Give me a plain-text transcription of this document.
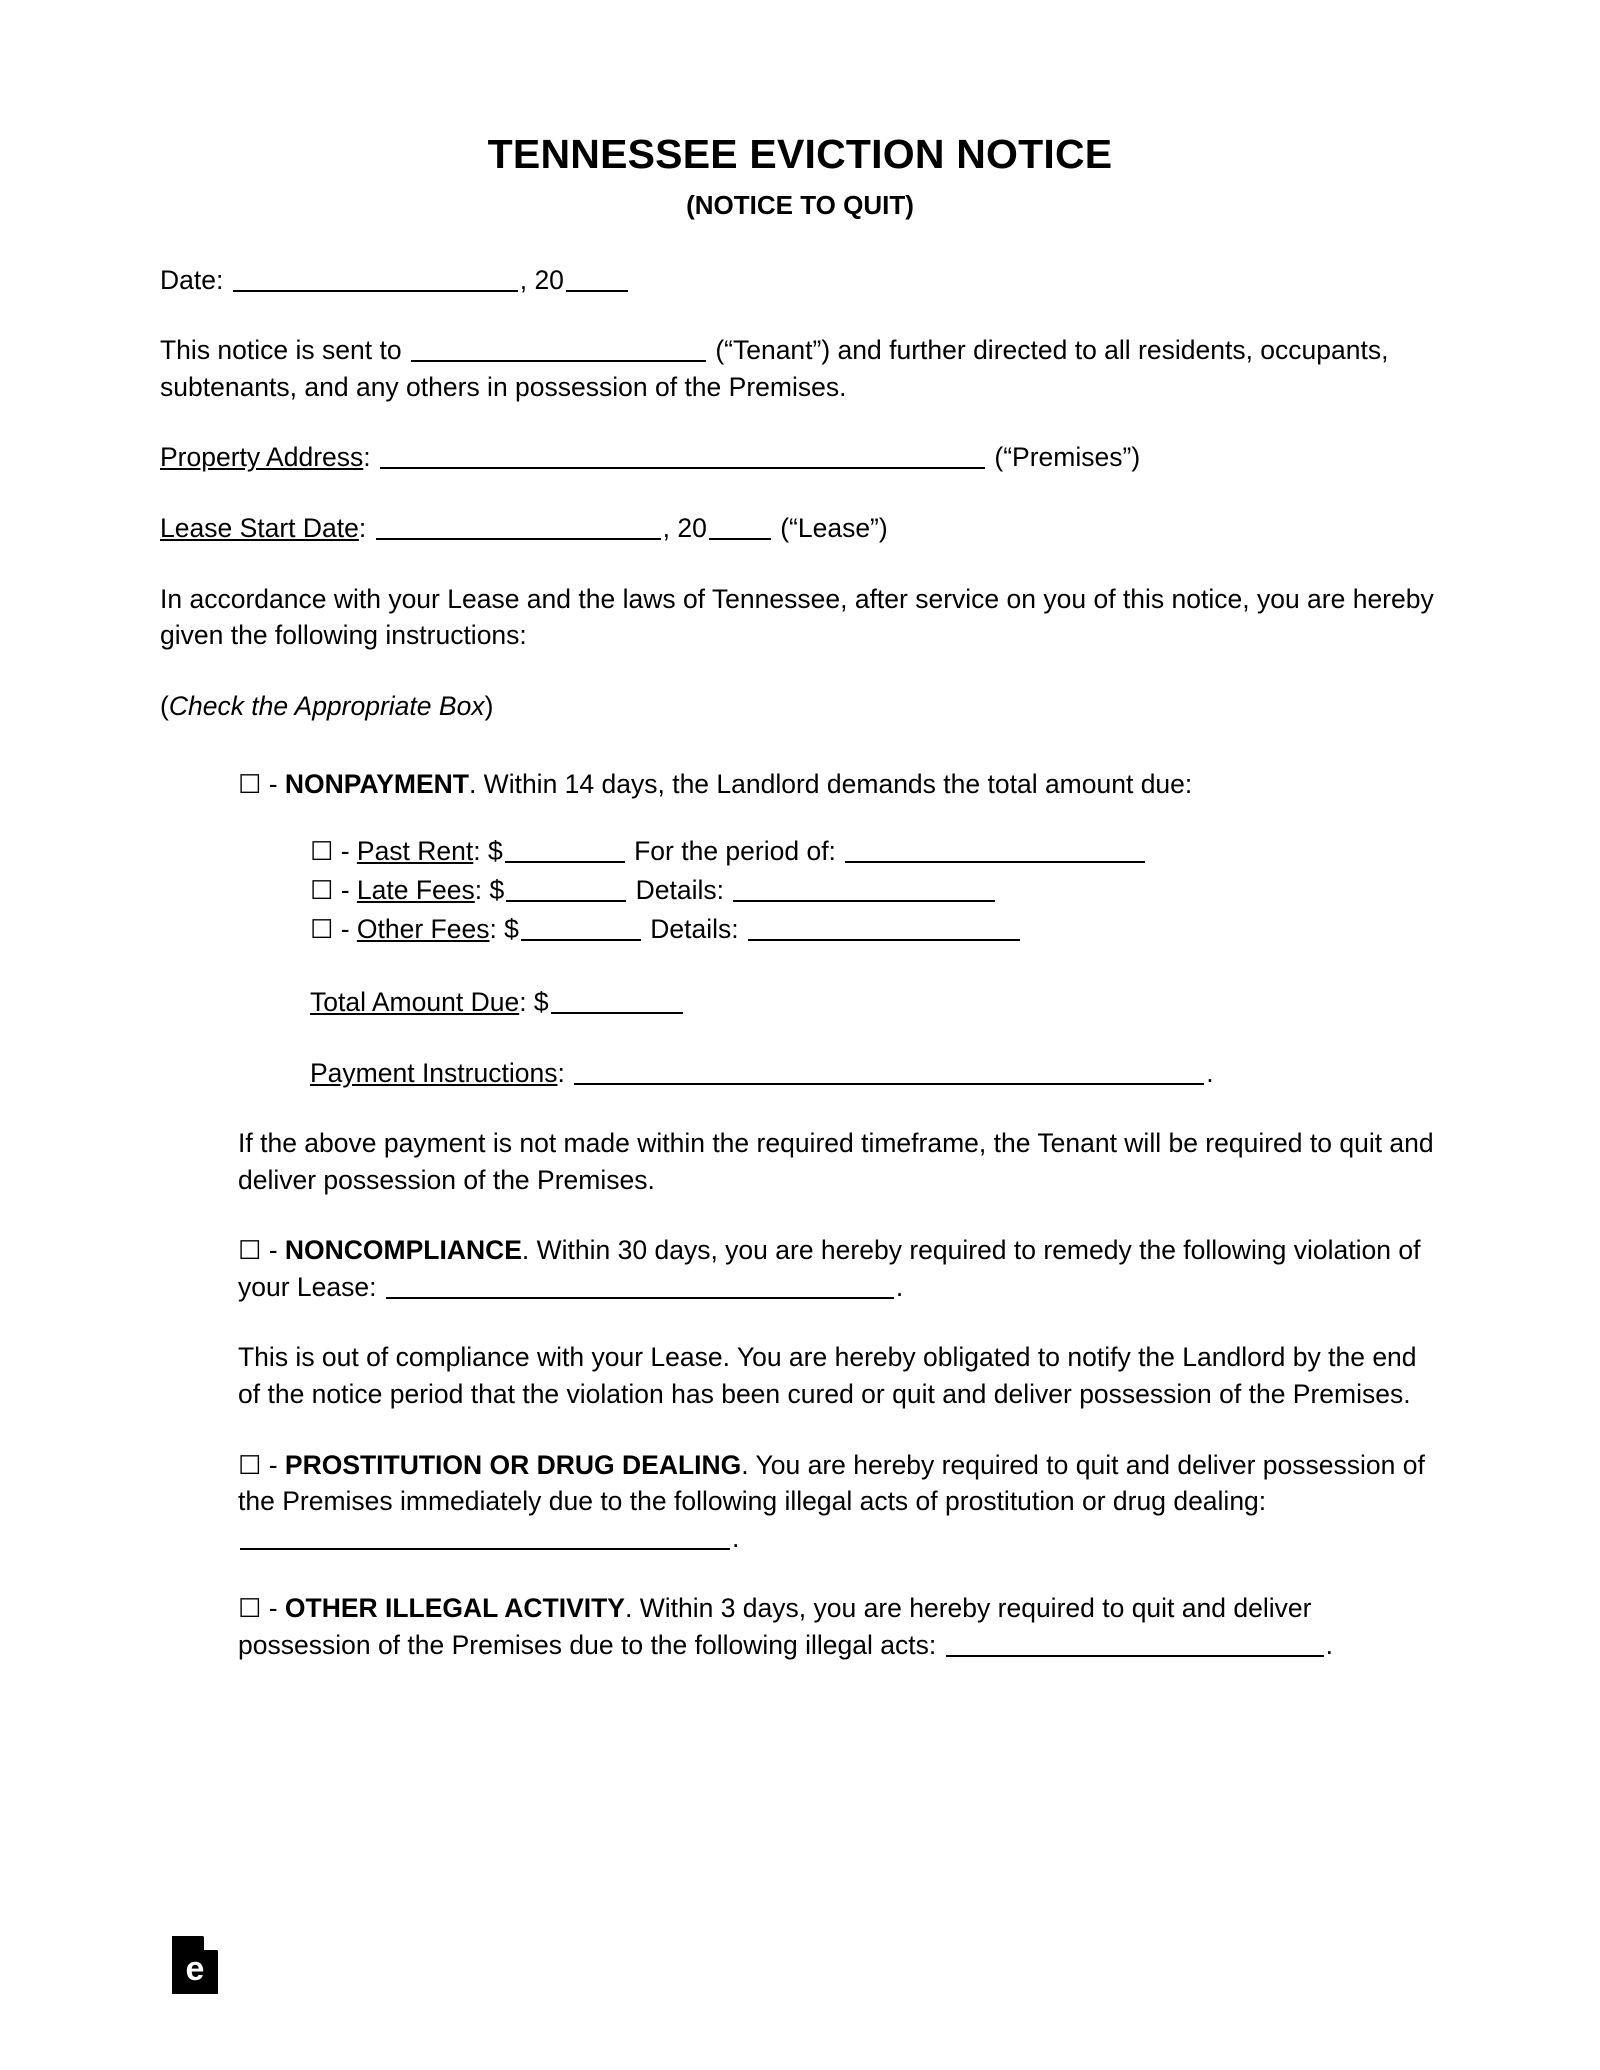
TENNESSEE EVICTION NOTICE
(NOTICE TO QUIT)

Date:	, 20

This notice is sent to	(“Tenant”) and further directed to all residents, occupants, subtenants, and any others in possession of the Premises.

Property Address:	(“Premises”)

Lease Start Date:	, 20	(“Lease”)

In accordance with your Lease and the laws of Tennessee, after service on you of this notice, you are hereby given the following instructions:

(Check the Appropriate Box)

☐ - NONPAYMENT. Within 14 days, the Landlord demands the total amount due:

☐ - Past Rent: $	For the period of:
☐ - Late Fees: $	Details:
☐ - Other Fees: $	Details:

Total Amount Due: $

Payment Instructions:	.

If the above payment is not made within the required timeframe, the Tenant will be required to quit and deliver possession of the Premises.

☐ - NONCOMPLIANCE. Within 30 days, you are hereby required to remedy the following violation of your Lease:	.

This is out of compliance with your Lease. You are hereby obligated to notify the Landlord by the end of the notice period that the violation has been cured or quit and deliver possession of the Premises.

☐ - PROSTITUTION OR DRUG DEALING. You are hereby required to quit and deliver possession of the Premises immediately due to the following illegal acts of prostitution or drug dealing: .

☐ - OTHER ILLEGAL ACTIVITY. Within 3 days, you are hereby required to quit and deliver possession of the Premises due to the following illegal acts:	.

e
